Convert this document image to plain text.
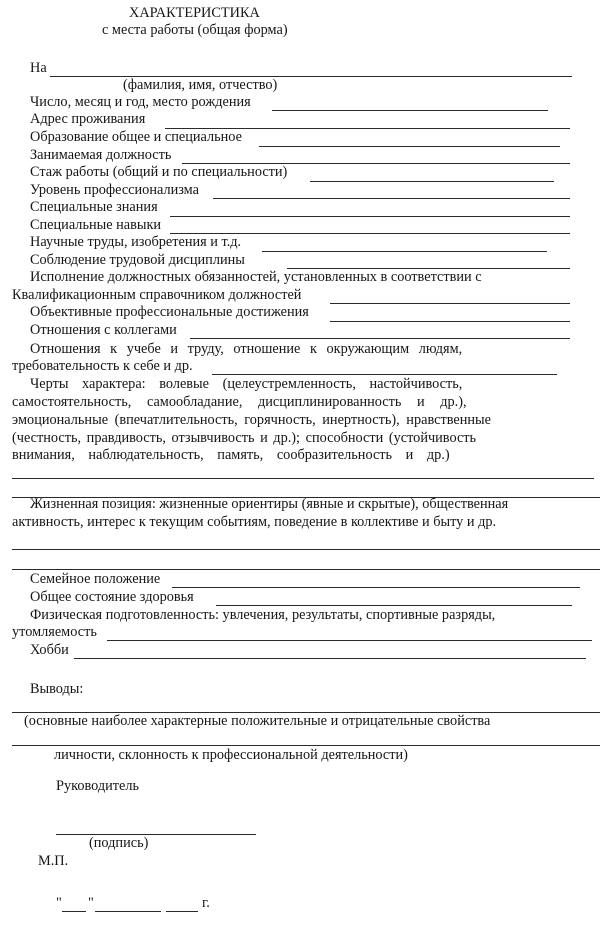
ХАРАКТЕРИСТИКА
с места работы (общая форма)
На
(фамилия, имя, отчество)
Число, месяц и год, место рождения
Адрес проживания
Образование общее и специальное
Занимаемая должность
Стаж работы (общий и по специальности)
Уровень профессионализма
Специальные знания
Специальные навыки
Научные труды, изобретения и т.д.
Соблюдение трудовой дисциплины
Исполнение должностных обязанностей, установленных в соответствии с
Квалификационным справочником должностей
Объективные профессиональные достижения
Отношения с коллегами
Отношения к учебе и труду, отношение к окружающим людям,
требовательность к себе и др.
Черты характера: волевые (целеустремленность, настойчивость,
самостоятельность, самообладание, дисциплинированность и др.),
эмоциональные (впечатлительность, горячность, инертность), нравственные
(честность, правдивость, отзывчивость и др.); способности (устойчивость
внимания, наблюдательность, память, сообразительность и др.)
Жизненная позиция: жизненные ориентиры (явные и скрытые), общественная
активность, интерес к текущим событиям, поведение в коллективе и быту и др.
Семейное положение
Общее состояние здоровья
Физическая подготовленность: увлечения, результаты, спортивные разряды,
утомляемость
Хобби
Выводы:
(основные наиболее характерные положительные и отрицательные свойства
личности, склонность к профессиональной деятельности)
Руководитель
(подпись)
М.П.
" "	г.
